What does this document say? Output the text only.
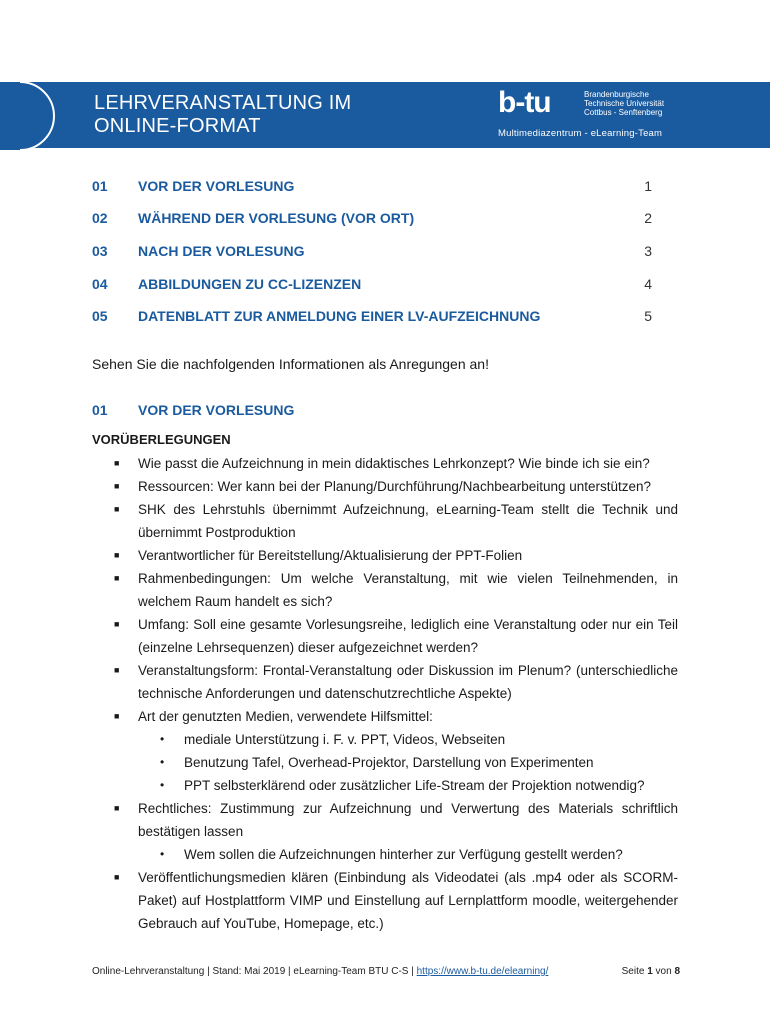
LEHRVERANSTALTUNG IM
ONLINE-FORMAT
b-tu	Brandenburgische
Technische Universität
Cottbus - Senftenberg
Multimediazentrum - eLearning-Team
01 VOR DER VORLESUNG	1
02 WÄHREND DER VORLESUNG (VOR ORT)	2
03 NACH DER VORLESUNG	3
04 ABBILDUNGEN ZU CC-LIZENZEN	4
05 DATENBLATT ZUR ANMELDUNG EINER LV-AUFZEICHNUNG	5
Sehen Sie die nachfolgenden Informationen als Anregungen an!
01 VOR DER VORLESUNG
VORÜBERLEGUNGEN
■ Wie passt die Aufzeichnung in mein didaktisches Lehrkonzept? Wie binde ich sie ein?
■ Ressourcen: Wer kann bei der Planung/Durchführung/Nachbearbeitung unterstützen?
■ SHK des Lehrstuhls übernimmt Aufzeichnung, eLearning-Team stellt die Technik und übernimmt Postproduktion
■ Verantwortlicher für Bereitstellung/Aktualisierung der PPT-Folien
■ Rahmenbedingungen: Um welche Veranstaltung, mit wie vielen Teilnehmenden, in welchem Raum handelt es sich?
■ Umfang: Soll eine gesamte Vorlesungsreihe, lediglich eine Veranstaltung oder nur ein Teil (einzelne Lehrsequenzen) dieser aufgezeichnet werden?
■ Veranstaltungsform: Frontal-Veranstaltung oder Diskussion im Plenum? (unterschiedliche technische Anforderungen und datenschutzrechtliche Aspekte)
■ Art der genutzten Medien, verwendete Hilfsmittel:
• mediale Unterstützung i. F. v. PPT, Videos, Webseiten
• Benutzung Tafel, Overhead-Projektor, Darstellung von Experimenten
• PPT selbsterklärend oder zusätzlicher Life-Stream der Projektion notwendig?
■ Rechtliches: Zustimmung zur Aufzeichnung und Verwertung des Materials schriftlich bestätigen lassen
• Wem sollen die Aufzeichnungen hinterher zur Verfügung gestellt werden?
■ Veröffentlichungsmedien klären (Einbindung als Videodatei (als .mp4 oder als SCORM-Paket) auf Hostplattform VIMP und Einstellung auf Lernplattform moodle, weitergehender Gebrauch auf YouTube, Homepage, etc.)
Online-Lehrveranstaltung | Stand: Mai 2019 | eLearning-Team BTU C-S | https://www.b-tu.de/elearning/	Seite 1 von 8
